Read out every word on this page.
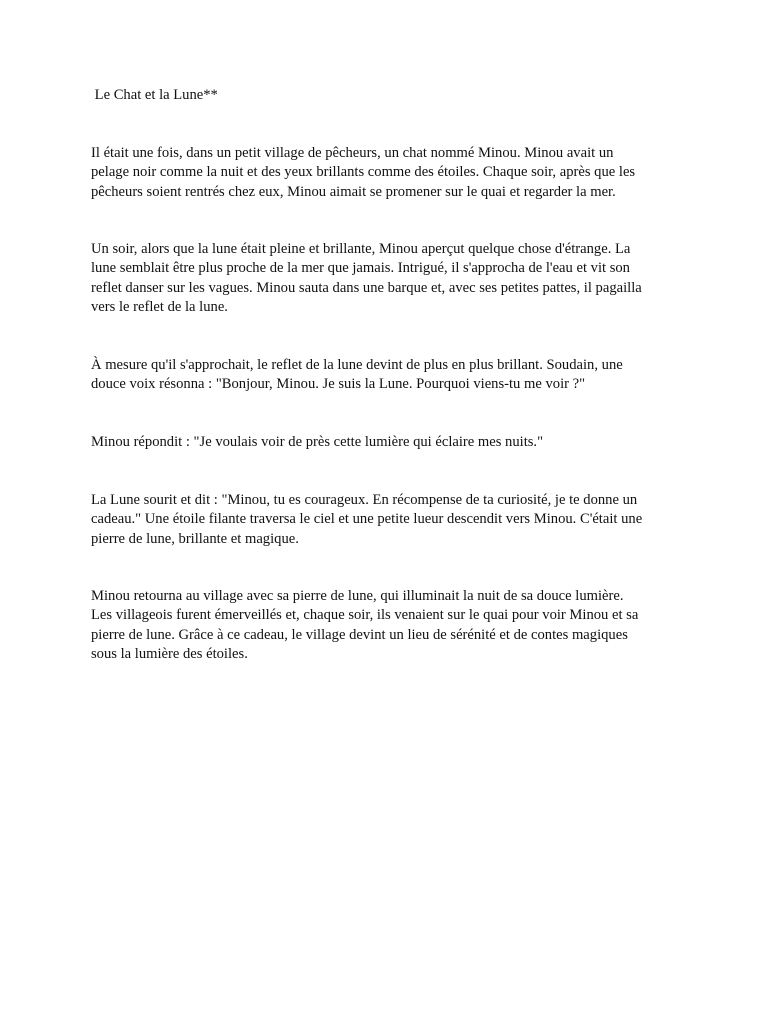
Le Chat et la Lune**

Il était une fois, dans un petit village de pêcheurs, un chat nommé Minou. Minou avait un
pelage noir comme la nuit et des yeux brillants comme des étoiles. Chaque soir, après que les
pêcheurs soient rentrés chez eux, Minou aimait se promener sur le quai et regarder la mer.

Un soir, alors que la lune était pleine et brillante, Minou aperçut quelque chose d'étrange. La
lune semblait être plus proche de la mer que jamais. Intrigué, il s'approcha de l'eau et vit son
reflet danser sur les vagues. Minou sauta dans une barque et, avec ses petites pattes, il pagailla
vers le reflet de la lune.

À mesure qu'il s'approchait, le reflet de la lune devint de plus en plus brillant. Soudain, une
douce voix résonna : "Bonjour, Minou. Je suis la Lune. Pourquoi viens-tu me voir ?"

Minou répondit : "Je voulais voir de près cette lumière qui éclaire mes nuits."

La Lune sourit et dit : "Minou, tu es courageux. En récompense de ta curiosité, je te donne un
cadeau." Une étoile filante traversa le ciel et une petite lueur descendit vers Minou. C'était une
pierre de lune, brillante et magique.

Minou retourna au village avec sa pierre de lune, qui illuminait la nuit de sa douce lumière.
Les villageois furent émerveillés et, chaque soir, ils venaient sur le quai pour voir Minou et sa
pierre de lune. Grâce à ce cadeau, le village devint un lieu de sérénité et de contes magiques
sous la lumière des étoiles.
